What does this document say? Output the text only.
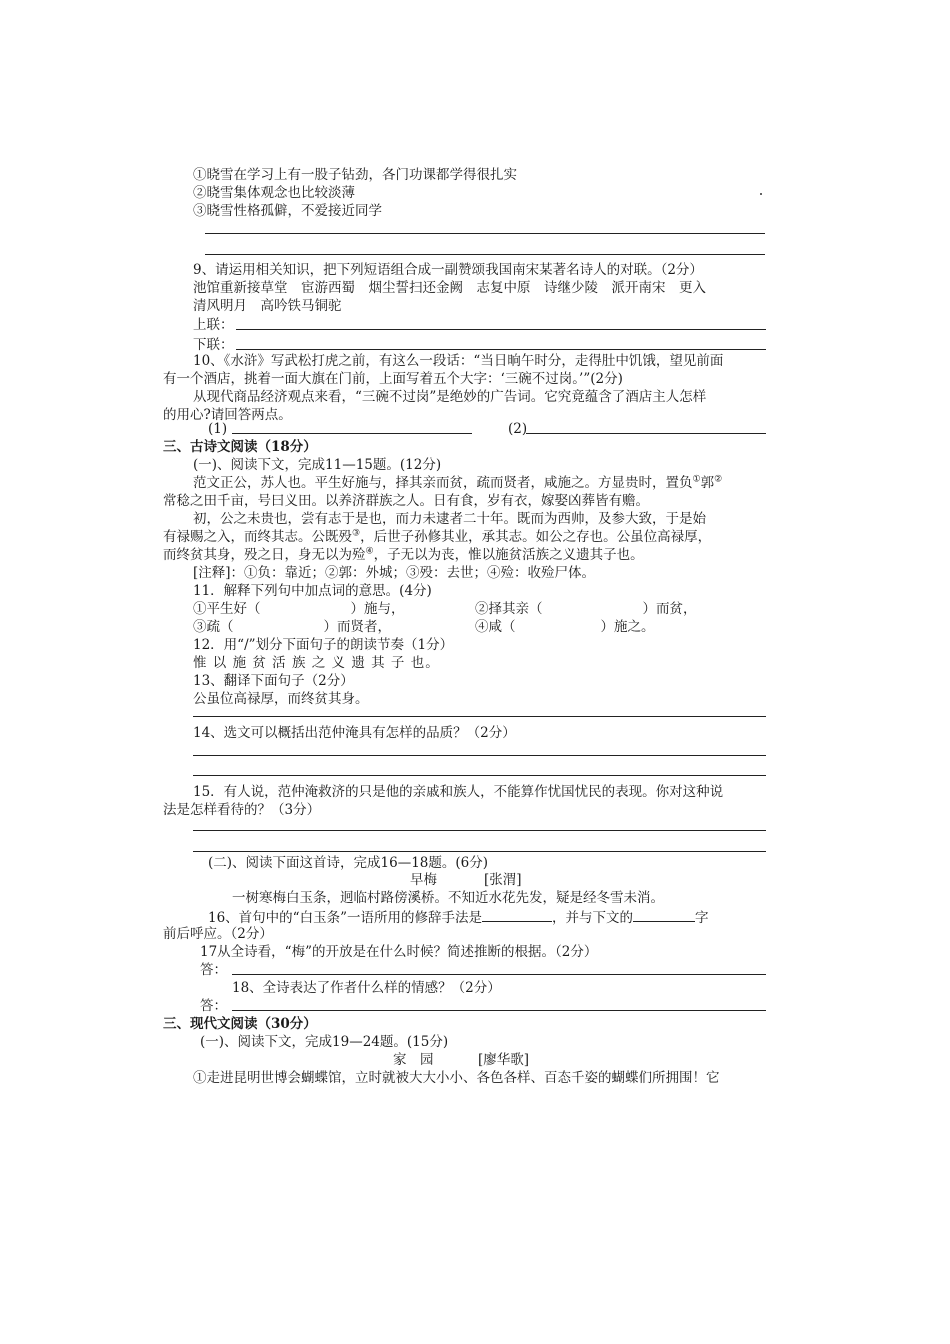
①晓雪在学习上有一股子钻劲，各门功课都学得很扎实
②晓雪集体观念也比较淡薄
③晓雪性格孤僻，不爱接近同学
9、请运用相关知识，把下列短语组合成一副赞颂我国南宋某著名诗人的对联。（2分）
池馆重新接草堂　宦游西蜀　烟尘誓扫还金阙　志复中原　诗继少陵　派开南宋　更入
清风明月　高吟铁马铜驼
上联：
下联：
10、《水浒》写武松打虎之前，有这么一段话：“当日晌午时分，走得肚中饥饿，望见前面
有一个酒店，挑着一面大旗在门前，上面写着五个大字：‘三碗不过岗。’”(2分)
从现代商品经济观点来看，“三碗不过岗”是绝妙的广告词。它究竟蕴含了酒店主人怎样
的用心?请回答两点。
(1)	(2)
三、古诗文阅读（18分）
(一)、阅读下文，完成11—15题。(12分)
范文正公，苏人也。平生好施与，择其亲而贫，疏而贤者，咸施之。方显贵时，置负①郭②
常稔之田千亩，号曰义田。以养济群族之人。日有食，岁有衣，嫁娶凶葬皆有赡。
初，公之未贵也，尝有志于是也，而力未逮者二十年。既而为西帅，及参大致，于是始
有禄赐之入，而终其志。公既殁③，后世子孙修其业，承其志。如公之存也。公虽位高禄厚，
而终贫其身，殁之日，身无以为殓④，子无以为丧，惟以施贫活族之义遗其子也。
[注释]：①负：靠近；②郭：外城；③殁：去世；④殓：收殓尸体。
11．解释下列句中加点词的意思。(4分)
①平生好（	）施与，	②择其亲（	）而贫，
③疏（	）而贤者，	④咸（	）施之。
12．用“/”划分下面句子的朗读节奏（1分）
惟 以 施 贫 活 族 之 义 遗 其 子 也。
13、翻译下面句子（2分）
公虽位高禄厚，而终贫其身。
14、选文可以概括出范仲淹具有怎样的品质？（2分）
15．有人说，范仲淹救济的只是他的亲戚和族人，不能算作忧国忧民的表现。你对这种说
法是怎样看待的？（3分）
(二)、阅读下面这首诗，完成16—18题。(6分)
早梅	[张渭]
一树寒梅白玉条，迥临村路傍溪桥。不知近水花先发，疑是经冬雪未消。
16、首句中的“白玉条”一语所用的修辞手法是	，并与下文的	字
前后呼应。（2分）
17从全诗看，“梅”的开放是在什么时候？简述推断的根据。（2分）
答：
18、全诗表达了作者什么样的情感？（2分）
答：
三、现代文阅读（30分）
(一)、阅读下文，完成19—24题。(15分)
家　园	[廖华歌]
①走进昆明世博会蝴蝶馆，立时就被大大小小、各色各样、百态千姿的蝴蝶们所拥围！它
